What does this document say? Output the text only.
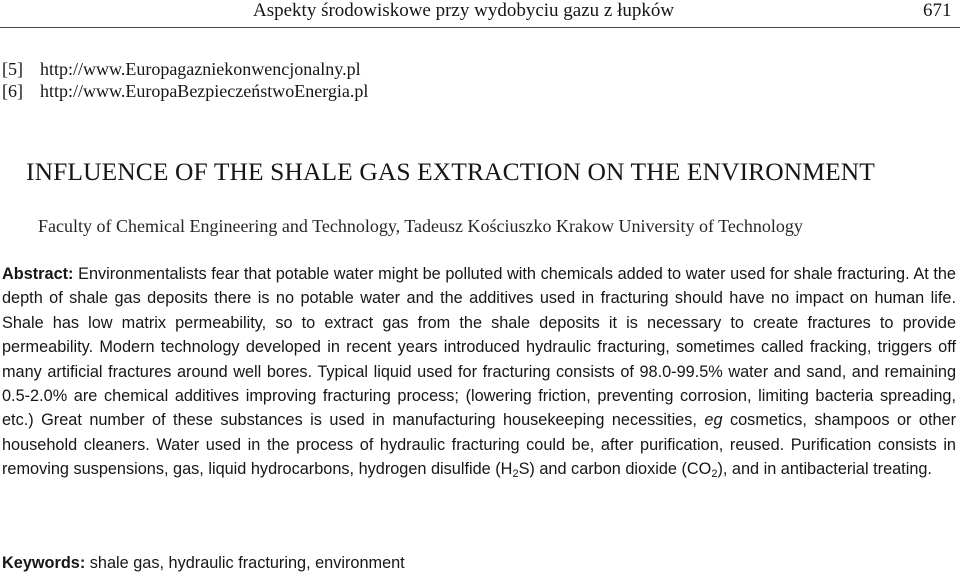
Aspekty środowiskowe przy wydobyciu gazu z łupków	671
[5] http://www.Europagazniekonwencjonalny.pl
[6] http://www.EuropaBezpieczeństwoEnergia.pl
INFLUENCE OF THE SHALE GAS EXTRACTION ON THE ENVIRONMENT
Faculty of Chemical Engineering and Technology, Tadeusz Kościuszko Krakow University of Technology

Abstract: Environmentalists fear that potable water might be polluted with chemicals added to water used for shale fracturing. At the depth of shale gas deposits there is no potable water and the additives used in fracturing should have no impact on human life. Shale has low matrix permeability, so to extract gas from the shale deposits it is necessary to create fractures to provide permeability. Modern technology developed in recent years introduced hydraulic fracturing, sometimes called fracking, triggers off many artificial fractures around well bores. Typical liquid used for fracturing consists of 98.0-99.5% water and sand, and remaining 0.5-2.0% are chemical additives improving fracturing process; (lowering friction, preventing corrosion, limiting bacteria spreading, etc.) Great number of these substances is used in manufacturing housekeeping necessities, eg cosmetics, shampoos or other household cleaners. Water used in the process of hydraulic fracturing could be, after purification, reused. Purification consists in removing suspensions, gas, liquid hydrocarbons, hydrogen disulfide $(H_2S)$ and carbon dioxide $(CO_2)$, and in antibacterial treating.

Keywords: shale gas, hydraulic fracturing, environment
